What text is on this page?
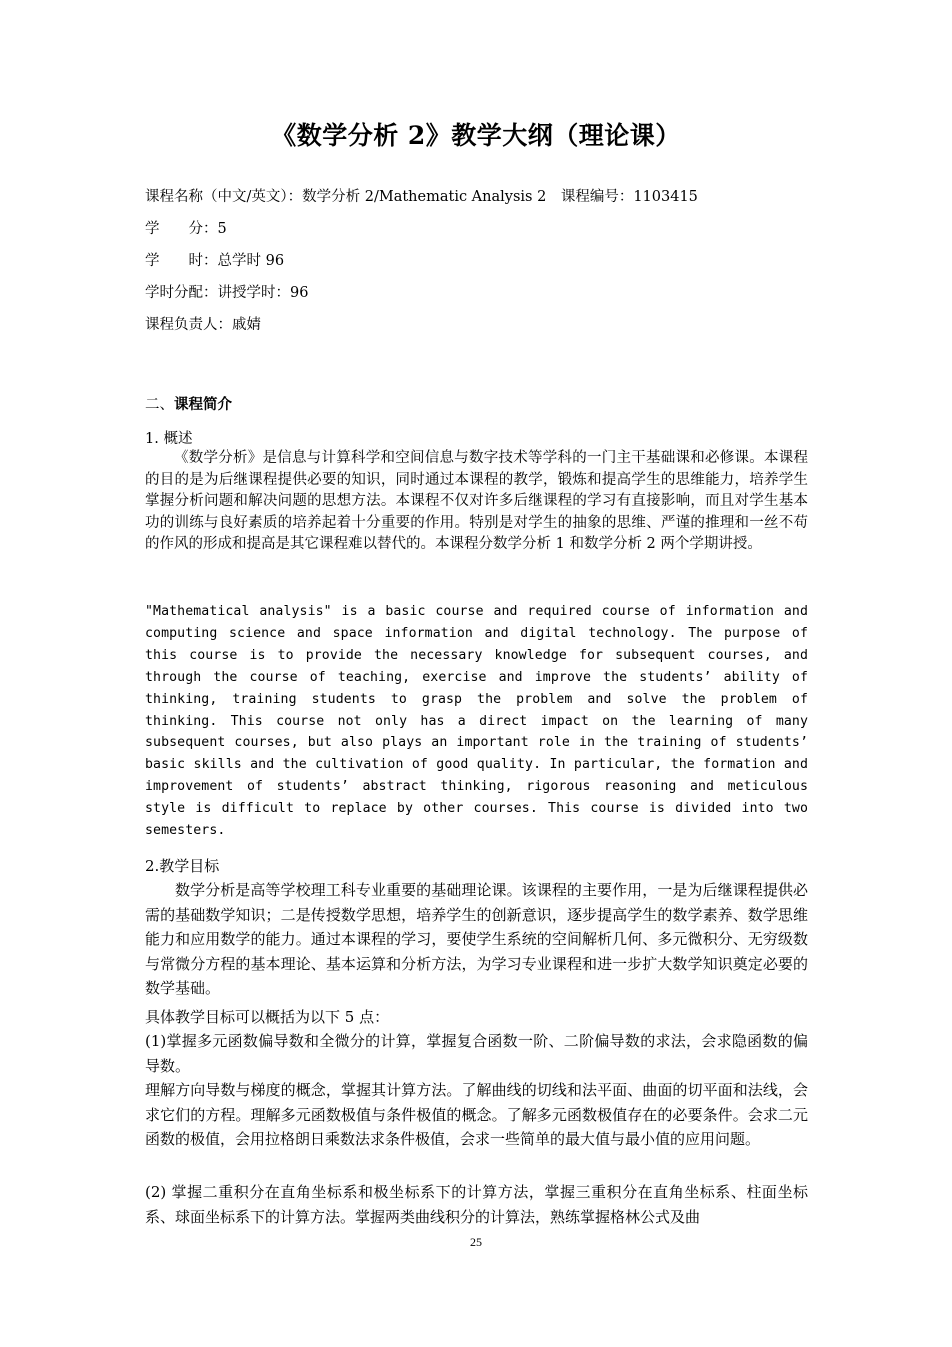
《数学分析 2》教学大纲（理论课）
课程名称（中文/英文）：数学分析 2/Mathematic Analysis 2　课程编号：1103415
学　　分：5
学　　时：总学时 96
学时分配：讲授学时：96
课程负责人：戚婧
二、课程简介
1. 概述
《数学分析》是信息与计算科学和空间信息与数字技术等学科的一门主干基础课和必修课。本课程的目的是为后继课程提供必要的知识，同时通过本课程的教学，锻炼和提高学生的思维能力，培养学生掌握分析问题和解决问题的思想方法。本课程不仅对许多后继课程的学习有直接影响，而且对学生基本功的训练与良好素质的培养起着十分重要的作用。特别是对学生的抽象的思维、严谨的推理和一丝不苟的作风的形成和提高是其它课程难以替代的。本课程分数学分析 1 和数学分析 2 两个学期讲授。
"Mathematical analysis" is a basic course and required course of information and computing science and space information and digital technology. The purpose of this course is to provide the necessary knowledge for subsequent courses, and through the course of teaching, exercise and improve the students’ ability of thinking, training students to grasp the problem and solve the problem of thinking. This course not only has a direct impact on the learning of many subsequent courses, but also plays an important role in the training of students’ basic skills and the cultivation of good quality. In particular, the formation and improvement of students’ abstract thinking, rigorous reasoning and meticulous style is difficult to replace by other courses. This course is divided into two semesters.
2.教学目标
数学分析是高等学校理工科专业重要的基础理论课。该课程的主要作用，一是为后继课程提供必需的基础数学知识；二是传授数学思想，培养学生的创新意识，逐步提高学生的数学素养、数学思维能力和应用数学的能力。通过本课程的学习，要使学生系统的空间解析几何、多元微积分、无穷级数与常微分方程的基本理论、基本运算和分析方法，为学习专业课程和进一步扩大数学知识奠定必要的数学基础。
具体教学目标可以概括为以下 5 点：
(1)掌握多元函数偏导数和全微分的计算，掌握复合函数一阶、二阶偏导数的求法，会求隐函数的偏导数。
理解方向导数与梯度的概念，掌握其计算方法。了解曲线的切线和法平面、曲面的切平面和法线，会求它们的方程。理解多元函数极值与条件极值的概念。了解多元函数极值存在的必要条件。会求二元函数的极值，会用拉格朗日乘数法求条件极值，会求一些简单的最大值与最小值的应用问题。
(2) 掌握二重积分在直角坐标系和极坐标系下的计算方法，掌握三重积分在直角坐标系、柱面坐标系、球面坐标系下的计算方法。掌握两类曲线积分的计算法，熟练掌握格林公式及曲
25
